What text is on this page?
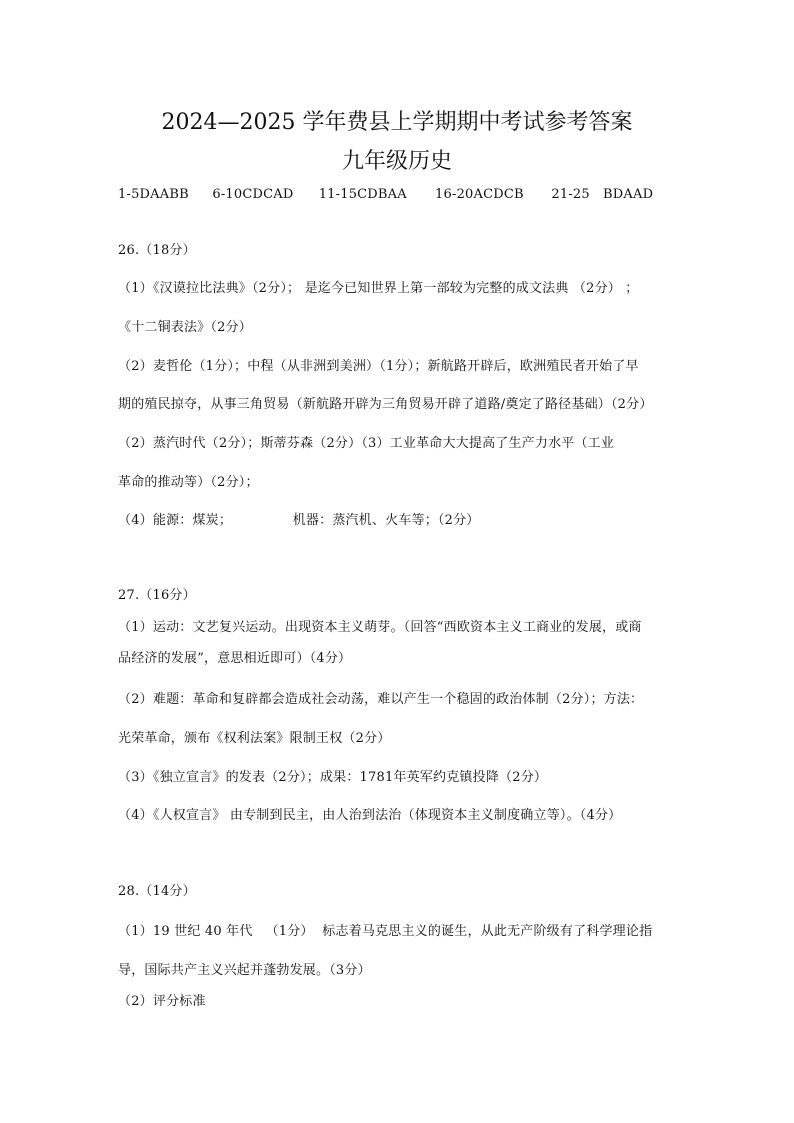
2024—2025 学年费县上学期期中考试参考答案
九年级历史
1-5DAABB 6-10CDCAD 11-15CDBAA 16-20ACDCB 21-25　BDAAD
26.（18分）
（1）《汉谟拉比法典》（2分）； 是迄今已知世界上第一部较为完整的成文法典 （2分） ；
《十二铜表法》（2分）
（2）麦哲伦（1分）；中程（从非洲到美洲）（1分）；新航路开辟后，欧洲殖民者开始了早
期的殖民掠夺，从事三角贸易（新航路开辟为三角贸易开辟了道路/奠定了路径基础）（2分）
（2）蒸汽时代（2分）；斯蒂芬森（2分）（3）工业革命大大提高了生产力水平（工业
革命的推动等）（2分）；
（4）能源：煤炭；              机器：蒸汽机、火车等；（2分）
27.（16分）
（1）运动：文艺复兴运动。出现资本主义萌芽。（回答“西欧资本主义工商业的发展，或商
品经济的发展”，意思相近即可）（4分）
（2）难题：革命和复辟都会造成社会动荡，难以产生一个稳固的政治体制（2分）；方法：
光荣革命，颁布《权利法案》限制王权（2分）
（3）《独立宣言》的发表（2分）；成果：1781年英军约克镇投降（2分）
（4）《人权宣言》 由专制到民主，由人治到法治（体现资本主义制度确立等）。（4分）
28.（14分）
（1）19 世纪 40 年代   （1分）  标志着马克思主义的诞生，从此无产阶级有了科学理论指
导，国际共产主义兴起并蓬勃发展。（3分）
（2）评分标准
